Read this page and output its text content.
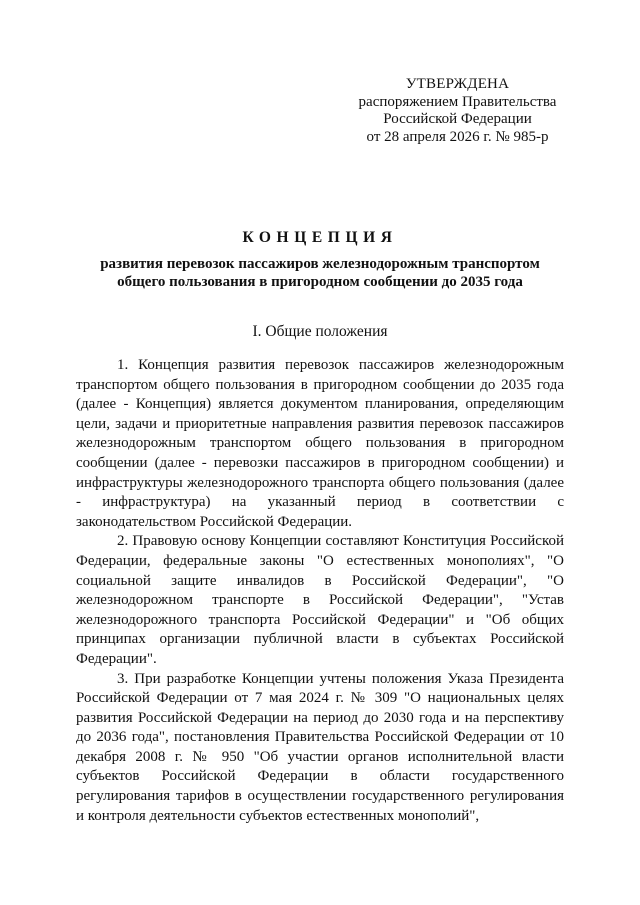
УТВЕРЖДЕНА
распоряжением Правительства
Российской Федерации
от 28 апреля 2026 г. № 985-р
КОНЦЕПЦИЯ
развития перевозок пассажиров железнодорожным транспортом
общего пользования в пригородном сообщении до 2035 года
I. Общие положения

1. Концепция развития перевозок пассажиров железнодорожным транспортом общего пользования в пригородном сообщении до 2035 года (далее - Концепция) является документом планирования, определяющим цели, задачи и приоритетные направления развития перевозок пассажиров железнодорожным транспортом общего пользования в пригородном сообщении (далее - перевозки пассажиров в пригородном сообщении) и инфраструктуры железнодорожного транспорта общего пользования (далее - инфраструктура) на указанный период в соответствии с законодательством Российской Федерации.

2. Правовую основу Концепции составляют Конституция Российской Федерации, федеральные законы "О естественных монополиях", "О социальной защите инвалидов в Российской Федерации", "О железнодорожном транспорте в Российской Федерации", "Устав железнодорожного транспорта Российской Федерации" и "Об общих принципах организации публичной власти в субъектах Российской Федерации".

3. При разработке Концепции учтены положения Указа Президента Российской Федерации от 7 мая 2024 г. № 309 "О национальных целях развития Российской Федерации на период до 2030 года и на перспективу до 2036 года", постановления Правительства Российской Федерации от 10 декабря 2008 г. № 950 "Об участии органов исполнительной власти субъектов Российской Федерации в области государственного регулирования тарифов в осуществлении государственного регулирования и контроля деятельности субъектов естественных монополий",
